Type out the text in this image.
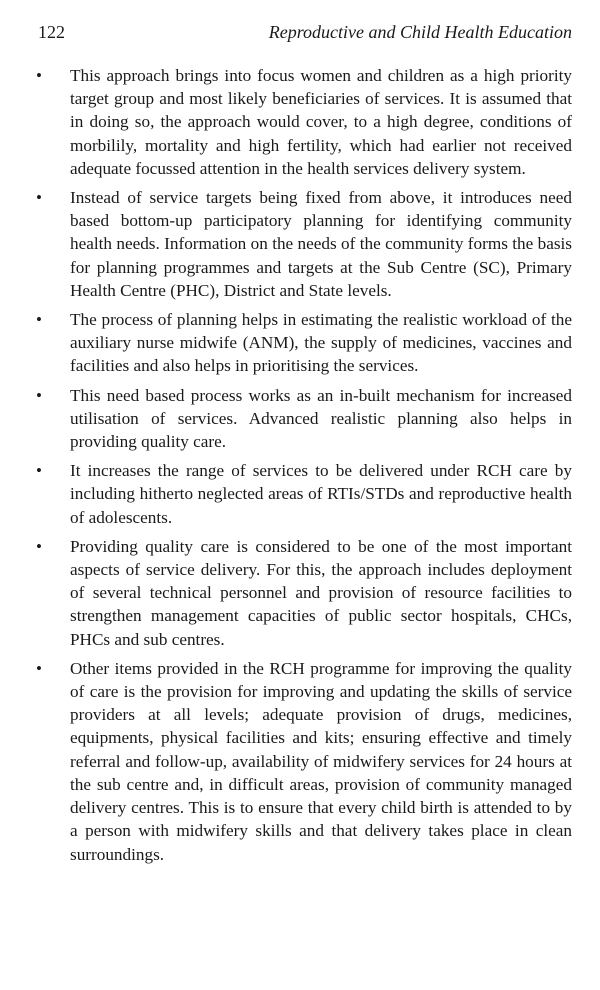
122	Reproductive and Child Health Education
• This approach brings into focus women and children as a high priority target group and most likely beneficiaries of services. It is assumed that in doing so, the approach would cover, to a high degree, conditions of morbilily, mortality and high fertility, which had earlier not received adequate focussed attention in the health services delivery system.
• Instead of service targets being fixed from above, it introduces need based bottom-up participatory planning for identifying community health needs. Information on the needs of the community forms the basis for planning programmes and targets at the Sub Centre (SC), Primary Health Centre (PHC), District and State levels.
• The process of planning helps in estimating the realistic workload of the auxiliary nurse midwife (ANM), the supply of medicines, vaccines and facilities and also helps in prioritising the services.
• This need based process works as an in-built mechanism for increased utilisation of services. Advanced realistic planning also helps in providing quality care.
• It increases the range of services to be delivered under RCH care by including hitherto neglected areas of RTIs/STDs and reproductive health of adolescents.
• Providing quality care is considered to be one of the most important aspects of service delivery. For this, the approach includes deployment of several technical personnel and provision of resource facilities to strengthen management capacities of public sector hospitals, CHCs, PHCs and sub centres.
• Other items provided in the RCH programme for improving the quality of care is the provision for improving and updating the skills of service providers at all levels; adequate provision of drugs, medicines, equipments, physical facilities and kits; ensuring effective and timely referral and follow-up, availability of midwifery services for 24 hours at the sub centre and, in difficult areas, provision of community managed delivery centres. This is to ensure that every child birth is attended to by a person with midwifery skills and that delivery takes place in clean surroundings.
